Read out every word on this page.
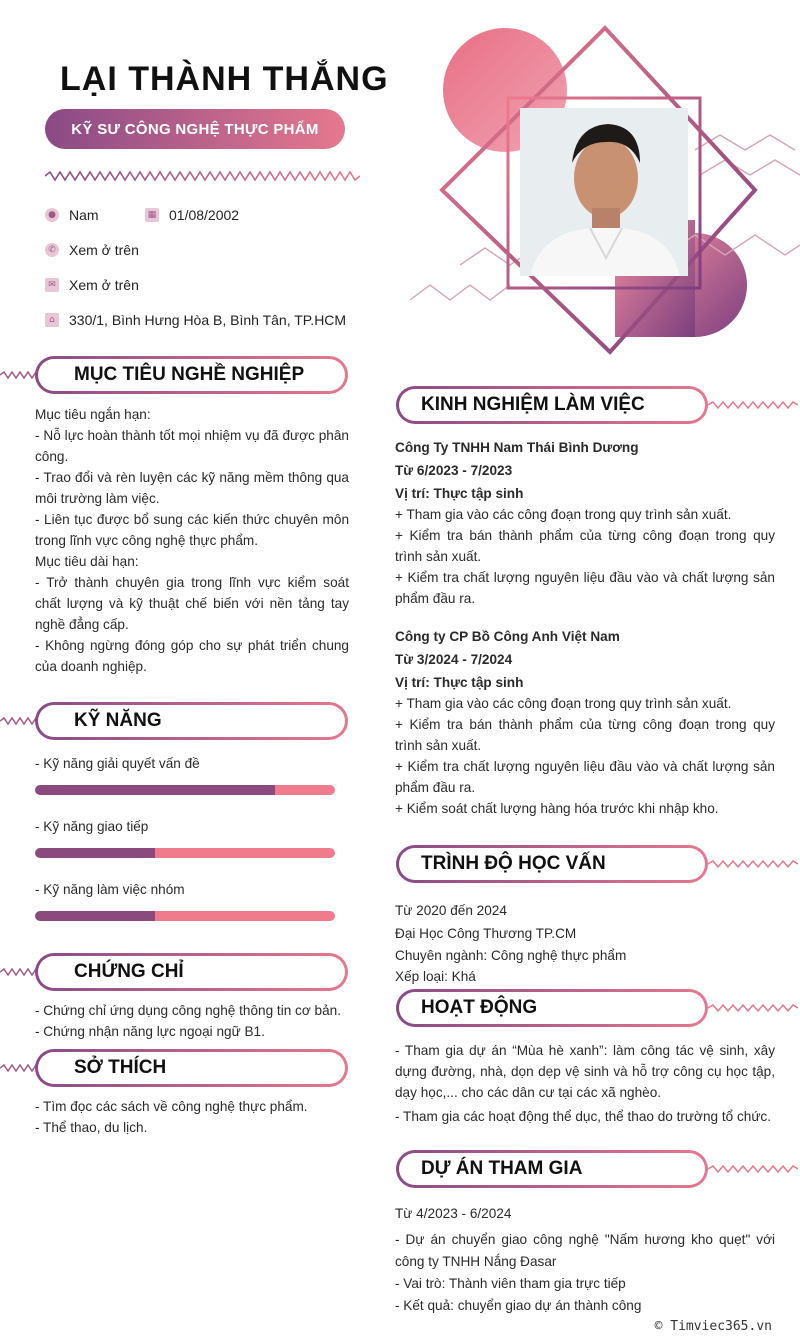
LẠI THÀNH THẮNG
KỸ SƯ CÔNG NGHỆ THỰC PHẨM
● Nam	▦ 01/08/2002
✆ Xem ở trên
✉ Xem ở trên
⌂ 330/1, Bình Hưng Hòa B, Bình Tân, TP.HCM
MỤC TIÊU NGHỀ NGHIỆP

Mục tiêu ngắn hạn:

- Nỗ lực hoàn thành tốt mọi nhiệm vụ đã được phân công.

- Trao đổi và rèn luyện các kỹ năng mềm thông qua môi trường làm việc.

- Liên tục được bổ sung các kiến thức chuyên môn trong lĩnh vực công nghệ thực phẩm.

Mục tiêu dài hạn:

- Trở thành chuyên gia trong lĩnh vực kiểm soát chất lượng và kỹ thuật chế biến với nền tảng tay nghề đẳng cấp.

- Không ngừng đóng góp cho sự phát triển chung của doanh nghiệp.

KỸ NĂNG
- Kỹ năng giải quyết vấn đề
- Kỹ năng giao tiếp
- Kỹ năng làm việc nhóm
CHỨNG CHỈ

- Chứng chỉ ứng dụng công nghệ thông tin cơ bản.

- Chứng nhận năng lực ngoại ngữ B1.

SỞ THÍCH

- Tìm đọc các sách về công nghệ thực phẩm.

- Thể thao, du lịch.

KINH NGHIỆM LÀM VIỆC

Công Ty TNHH Nam Thái Bình Dương

Từ 6/2023 - 7/2023

Vị trí: Thực tập sinh

+ Tham gia vào các công đoạn trong quy trình sản xuất.

+ Kiểm tra bán thành phẩm của từng công đoạn trong quy trình sản xuất.

+ Kiểm tra chất lượng nguyên liệu đầu vào và chất lượng sản phẩm đầu ra.

Công ty CP Bồ Công Anh Việt Nam

Từ 3/2024 - 7/2024

Vị trí: Thực tập sinh

+ Tham gia vào các công đoạn trong quy trình sản xuất.

+ Kiểm tra bán thành phẩm của từng công đoạn trong quy trình sản xuất.

+ Kiểm tra chất lượng nguyên liệu đầu vào và chất lượng sản phẩm đầu ra.

+ Kiểm soát chất lượng hàng hóa trước khi nhập kho.

TRÌNH ĐỘ HỌC VẤN

Từ 2020 đến 2024

Đại Học Công Thương TP.CM

Chuyên ngành: Công nghệ thực phẩm

Xếp loại: Khá

HOẠT ĐỘNG

- Tham gia dự án “Mùa hè xanh”: làm công tác vệ sinh, xây dựng đường, nhà, dọn dẹp vệ sinh và hỗ trợ công cụ học tập, dạy học,... cho các dân cư tại các xã nghèo.

- Tham gia các hoạt động thể dục, thể thao do trường tổ chức.

DỰ ÁN THAM GIA

Từ 4/2023 - 6/2024

- Dự án chuyển giao công nghệ "Nấm hương kho quẹt" với công ty TNHH Nắng Đasar

- Vai trò: Thành viên tham gia trực tiếp

- Kết quả: chuyển giao dự án thành công

© Timviec365.vn
